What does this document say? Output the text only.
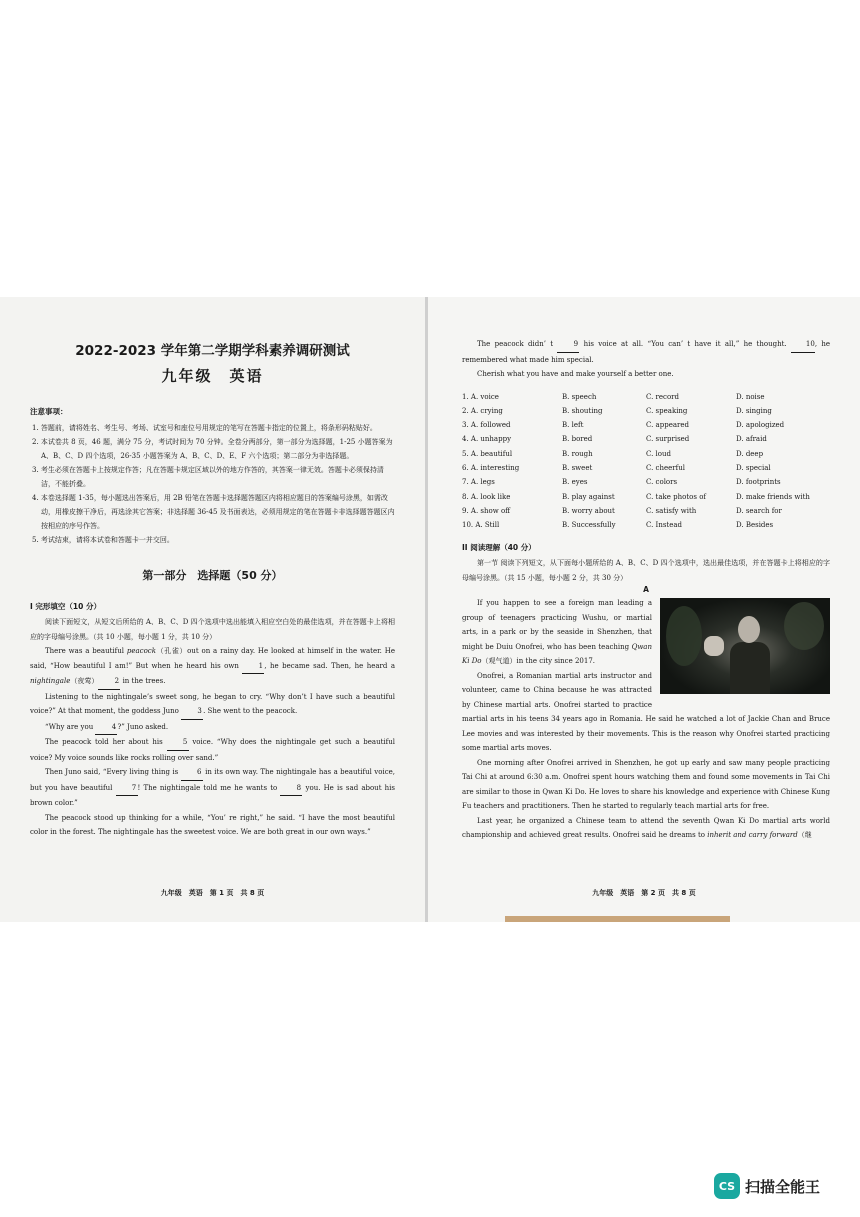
2022-2023 学年第二学期学科素养调研测试
九年级　英语
注意事项：
1. 答题前，请将姓名、考生号、考场、试室号和座位号用规定的笔写在答题卡指定的位置上，将条形码粘贴好。
2. 本试卷共 8 页，46 题，满分 75 分，考试时间为 70 分钟。全卷分两部分，第一部分为选择题，1-25 小题答案为 A、B、C、D 四个选项，26-35 小题答案为 A、B、C、D、E、F 六个选项；第二部分为非选择题。
3. 考生必须在答题卡上按规定作答；凡在答题卡规定区域以外的地方作答的，其答案一律无效。答题卡必须保持清洁，不能折叠。
4. 本卷选择题 1-35，每小题选出答案后，用 2B 铅笔在答题卡选择题答题区内将相应题目的答案编号涂黑，如需改动，用橡皮擦干净后，再选涂其它答案；非选择题 36-45 及书面表达，必须用规定的笔在答题卡非选择题答题区内按相应的序号作答。
5. 考试结束，请将本试卷和答题卡一并交回。
第一部分　选择题（50 分）
I 完形填空（10 分）

阅读下面短文，从短文后所给的 A、B、C、D 四个选项中选出能填入相应空白处的最佳选项，并在答题卡上将相应的字母编号涂黑。（共 10 小题，每小题 1 分，共 10 分）

There was a beautiful peacock（孔雀）out on a rainy day. He looked at himself in the water. He said, “How beautiful I am!” But when he heard his own 1, he became sad. Then, he heard a nightingale（夜莺） 2 in the trees.

Listening to the nightingale’s sweet song, he began to cry. “Why don’t I have such a beautiful voice?” At that moment, the goddess Juno 3. She went to the peacock.

“Why are you 4?” Juno asked.

The peacock told her about his 5 voice. “Why does the nightingale get such a beautiful voice? My voice sounds like rocks rolling over sand.”

Then Juno said, “Every living thing is 6 in its own way. The nightingale has a beautiful voice, but you have beautiful 7! The nightingale told me he wants to 8 you. He is sad about his brown color.”

The peacock stood up thinking for a while, “You’ re right,” he said. “I have the most beautiful color in the forest. The nightingale has the sweetest voice. We are both great in our own ways.”

九年级　英语　第 1 页　共 8 页

The peacock didn’ t 9 his voice at all. “You can’ t have it all,” he thought. 10, he remembered what made him special.

Cherish what you have and make yourself a better one.

1. A. voice	B. speech	C. record	D. noise
2. A. crying	B. shouting	C. speaking	D. singing
3. A. followed	B. left	C. appeared	D. apologized
4. A. unhappy	B. bored	C. surprised	D. afraid
5. A. beautiful	B. rough	C. loud	D. deep
6. A. interesting	B. sweet	C. cheerful	D. special
7. A. legs	B. eyes	C. colors	D. footprints
8. A. look like	B. play against	C. take photos of	D. make friends with
9. A. show off	B. worry about	C. satisfy with	D. search for
10. A. Still	B. Successfully	C. Instead	D. Besides
II 阅读理解（40 分）

第一节 阅读下列短文，从下面每小题所给的 A、B、C、D 四个选项中，选出最佳选项，并在答题卡上将相应的字母编号涂黑。（共 15 小题，每小题 2 分，共 30 分）

A

If you happen to see a foreign man leading a group of teenagers practicing Wushu, or martial arts, in a park or by the seaside in Shenzhen, that might be Duiu Onofrei, who has been teaching Qwan Ki Do（观气道）in the city since 2017.

Onofrei, a Romanian martial arts instructor and volunteer, came to China because he was attracted by Chinese martial arts. Onofrei started to practice martial arts in his teens 34 years ago in Romania. He said he watched a lot of Jackie Chan and Bruce Lee movies and was interested by their movements. This is the reason why Onofrei started practicing some martial arts moves.

One morning after Onofrei arrived in Shenzhen, he got up early and saw many people practicing Tai Chi at around 6:30 a.m. Onofrei spent hours watching them and found some movements in Tai Chi are similar to those in Qwan Ki Do. He loves to share his knowledge and experience with Chinese Kung Fu teachers and practitioners. Then he started to regularly teach martial arts for free.

Last year, he organized a Chinese team to attend the seventh Qwan Ki Do martial arts world championship and achieved great results. Onofrei said he dreams to inherit and carry forward（继

九年级　英语　第 2 页　共 8 页
CS 扫描全能王
